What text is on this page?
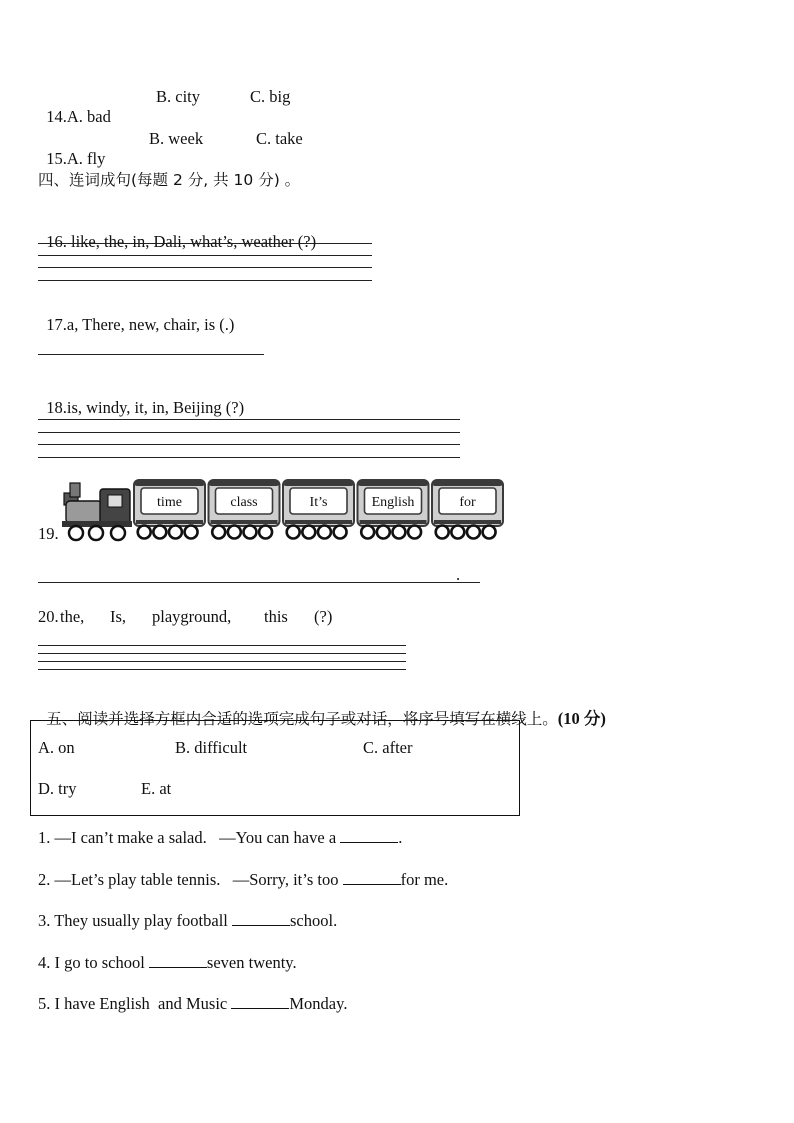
14.A. bad

B. city	C. big

15.A. fly

B. week	C. take
四、连词成句(每题 2 分, 共 10 分) 。

16. like, the, in, Dali, what’s, weather (?)

17.a, There, new, chair, is (.)

18.is, windy, it, in, Beijing (?)

time	class	It’s	English	for
19.
.
20. the, Is, playground, this (?)

五、阅读并选择方框内合适的选项完成句子或对话，将序号填写在横线上。(10 分)

A. on	B. difficult	C. after
D. try	E. at
1. —I can’t make a salad.   —You can have a	.
2. —Let’s play table tennis.   —Sorry, it’s too	for me.
3. They usually play football	school.
4. I go to school	seven twenty.
5. I have English  and Music	Monday.
